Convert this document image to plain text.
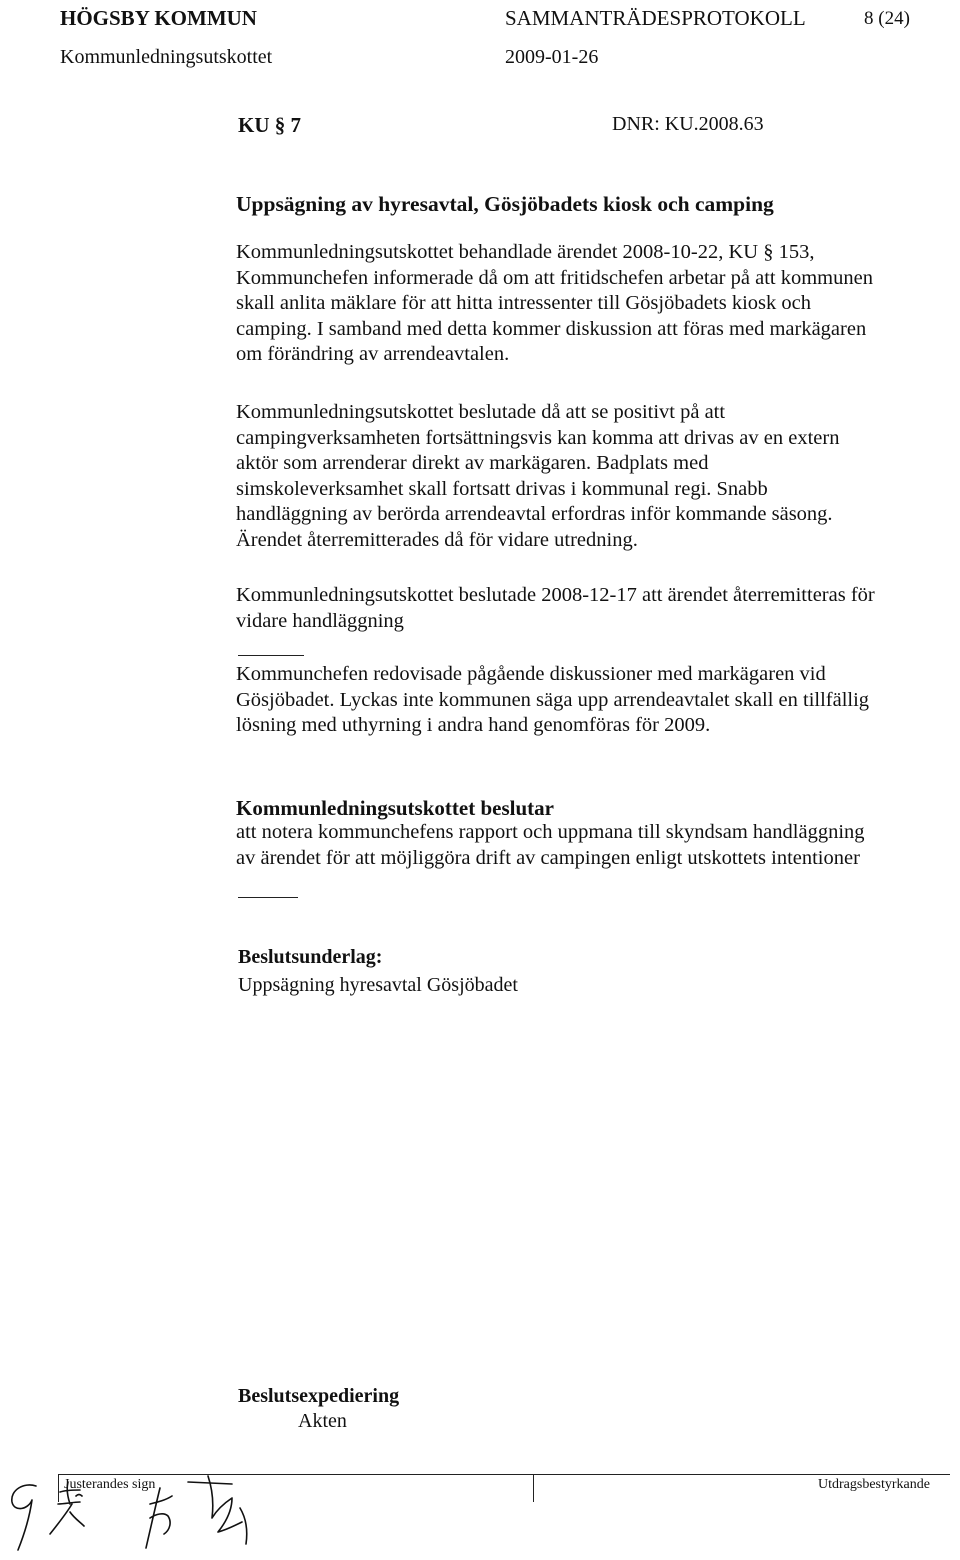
HÖGSBY KOMMUN	SAMMANTRÄDESPROTOKOLL	8 (24)
Kommunledningsutskottet	2009-01-26
KU § 7	DNR: KU.2008.63
Uppsägning av hyresavtal, Gösjöbadets kiosk och camping
Kommunledningsutskottet behandlade ärendet 2008-10-22, KU § 153,
Kommunchefen informerade då om att fritidschefen arbetar på att kommunen
skall anlita mäklare för att hitta intressenter till Gösjöbadets kiosk och
camping. I samband med detta kommer diskussion att föras med markägaren
om förändring av arrendeavtalen.
Kommunledningsutskottet beslutade då att se positivt på att
campingverksamheten fortsättningsvis kan komma att drivas av en extern
aktör som arrenderar direkt av markägaren. Badplats med
simskoleverksamhet skall fortsatt drivas i kommunal regi. Snabb
handläggning av berörda arrendeavtal erfordras inför kommande säsong.
Ärendet återremitterades då för vidare utredning.
Kommunledningsutskottet beslutade 2008-12-17 att ärendet återremitteras för
vidare handläggning
Kommunchefen redovisade pågående diskussioner med markägaren vid
Gösjöbadet. Lyckas inte kommunen säga upp arrendeavtalet skall en tillfällig
lösning med uthyrning i andra hand genomföras för 2009.
Kommunledningsutskottet beslutar
att notera kommunchefens rapport och uppmana till skyndsam handläggning
av ärendet för att möjliggöra drift av campingen enligt utskottets intentioner
Beslutsunderlag:
Uppsägning hyresavtal Gösjöbadet
Beslutsexpediering
Akten
Justerandes sign	Utdragsbestyrkande
